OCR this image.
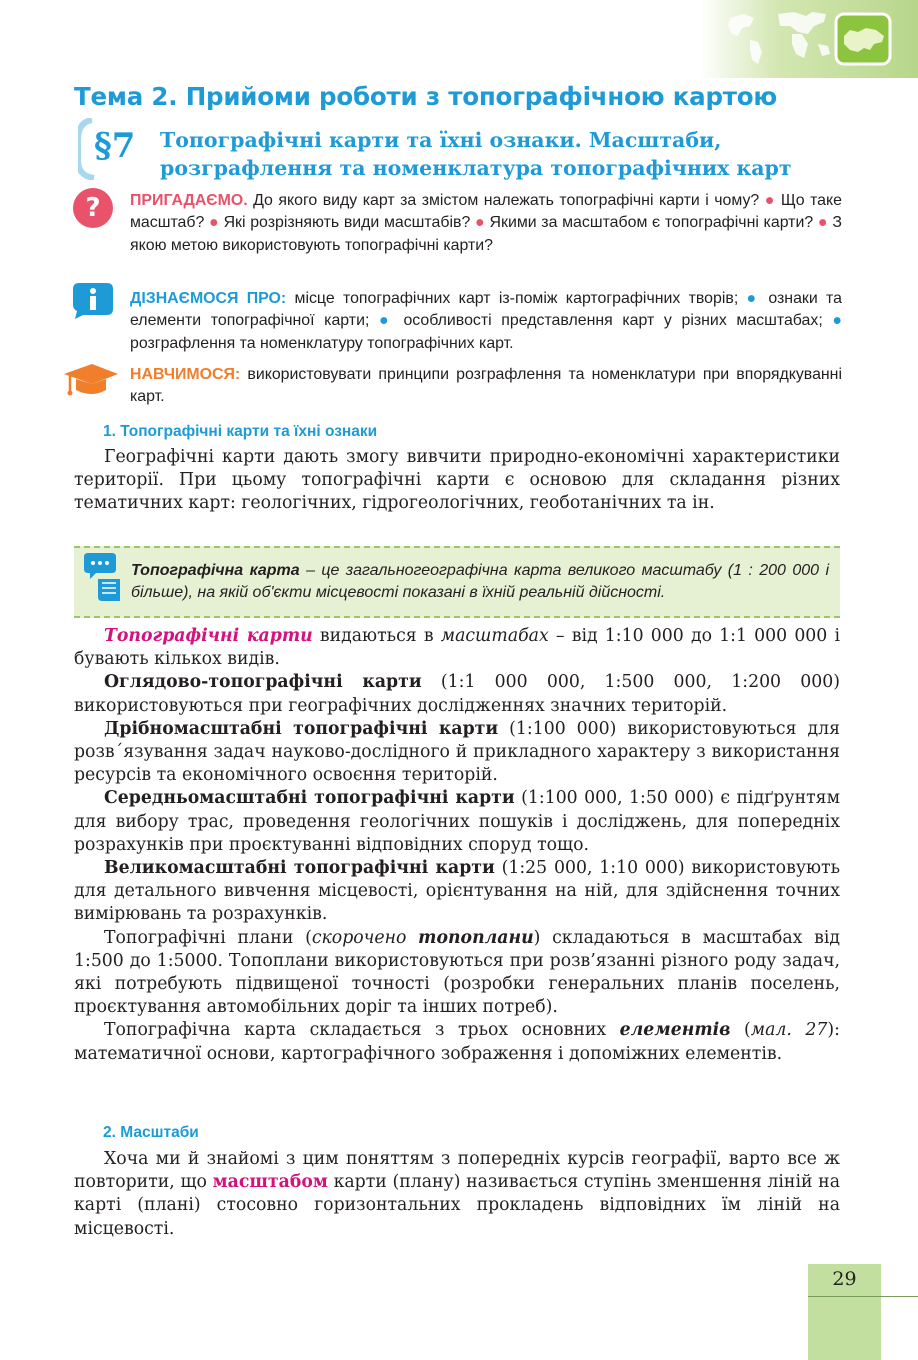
Тема 2. Прийоми роботи з топографічною картою
§7 Топографічні карти та їхні ознаки. Масштаби, розграфлення та номенклатура топографічних карт
?	ПРИГАДАЄМО. До якого виду карт за змістом належать топографічні карти і чому? ● Що таке масштаб? ● Які розрізняють види масштабів? ● Якими за масштабом є топографічні карти? ● З якою метою використовують топографічні карти?
ДІЗНАЄМОСЯ ПРО: місце топографічних карт із-поміж картографічних творів; ● ознаки та елементи топографічної карти; ● особливості представлення карт у різних масштабах; ● розграфлення та номенклатуру топографічних карт.
НАВЧИМОСЯ: використовувати принципи розграфлення та номенклатури при впорядкуванні карт.
1. Топографічні карти та їхні ознаки

Географічні карти дають змогу вивчити природно-економічні характеристики території. При цьому топографічні карти є основою для складання різних тематичних карт: геологічних, гідрогеологічних, геоботанічних та ін.

Топографічна карта – це загальногеографічна карта великого масштабу (1 : 200 000 і більше), на якій об'єкти місцевості показані в їхній реальній дійсності.

Топографічні карти видаються в масштабах – від 1:10 000 до 1:1 000 000 і бувають кількох видів.

Оглядово-топографічні карти (1:1 000 000, 1:500 000, 1:200 000) використовуються при географічних дослідженнях значних територій.

Дрібномасштабні топографічні карти (1:100 000) використовуються для розв΄язування задач науково-дослідного й прикладного характеру з використання ресурсів та економічного освоєння територій.

Середньомасштабні топографічні карти (1:100 000, 1:50 000) є підґрунтям для вибору трас, проведення геологічних пошуків і досліджень, для попередніх розрахунків при проєктуванні відповідних споруд тощо.

Великомасштабні топографічні карти (1:25 000, 1:10 000) використовують для детального вивчення місцевості, орієнтування на ній, для здійснення точних вимірювань та розрахунків.

Топографічні плани (скорочено топоплани) складаються в масштабах від 1:500 до 1:5000. Топоплани використовуються при розв’язанні різного роду задач, які потребують підвищеної точності (розробки генеральних планів поселень, проєктування автомобільних доріг та інших потреб).

Топографічна карта складається з трьох основних елементів (мал. 27): математичної основи, картографічного зображення і допоміжних елементів.

2. Масштаби

Хоча ми й знайомі з цим поняттям з попередніх курсів географії, варто все ж повторити, що масштабом карти (плану) називається ступінь зменшення ліній на карті (плані) стосовно горизонтальних прокладень відповідних їм ліній на місцевості.

29
